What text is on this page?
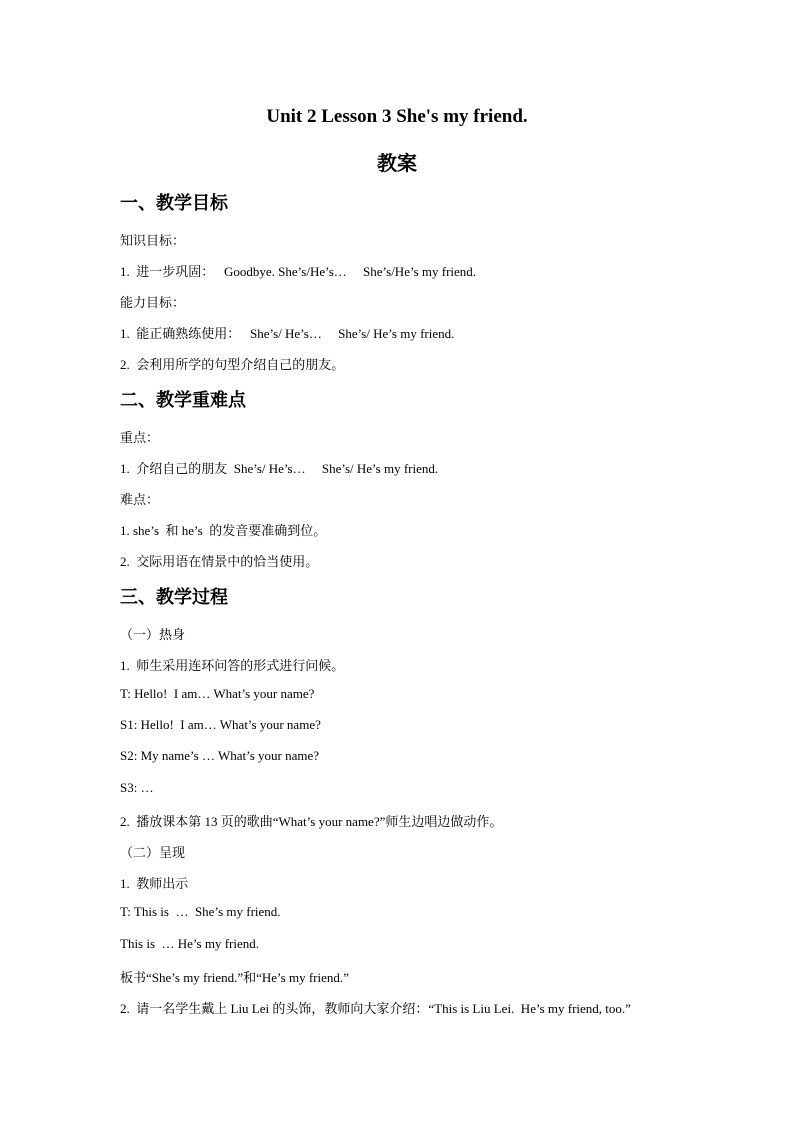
Unit 2 Lesson 3 She's my friend.
教案
一、教学目标
知识目标：
1.  进一步巩固：   Goodbye. She’s/He’s…     She’s/He’s my friend.
能力目标：
1.  能正确熟练使用：   She’s/ He’s…     She’s/ He’s my friend.
2.  会利用所学的句型介绍自己的朋友。
二、教学重难点
重点：
1.  介绍自己的朋友  She’s/ He’s…     She’s/ He’s my friend.
难点：
1. she’s  和 he’s  的发音要准确到位。
2.  交际用语在情景中的恰当使用。
三、教学过程
（一）热身
1.  师生采用连环问答的形式进行问候。
T: Hello!  I am… What’s your name?
S1: Hello!  I am… What’s your name?
S2: My name’s … What’s your name?
S3: …
2.  播放课本第 13 页的歌曲“What’s your name?”师生边唱边做动作。
（二）呈现
1.  教师出示
T: This is  …  She’s my friend.
This is  … He’s my friend.
板书“She’s my friend.”和“He’s my friend.”
2.  请一名学生戴上 Liu Lei 的头饰，教师向大家介绍：“This is Liu Lei.  He’s my friend, too.”
